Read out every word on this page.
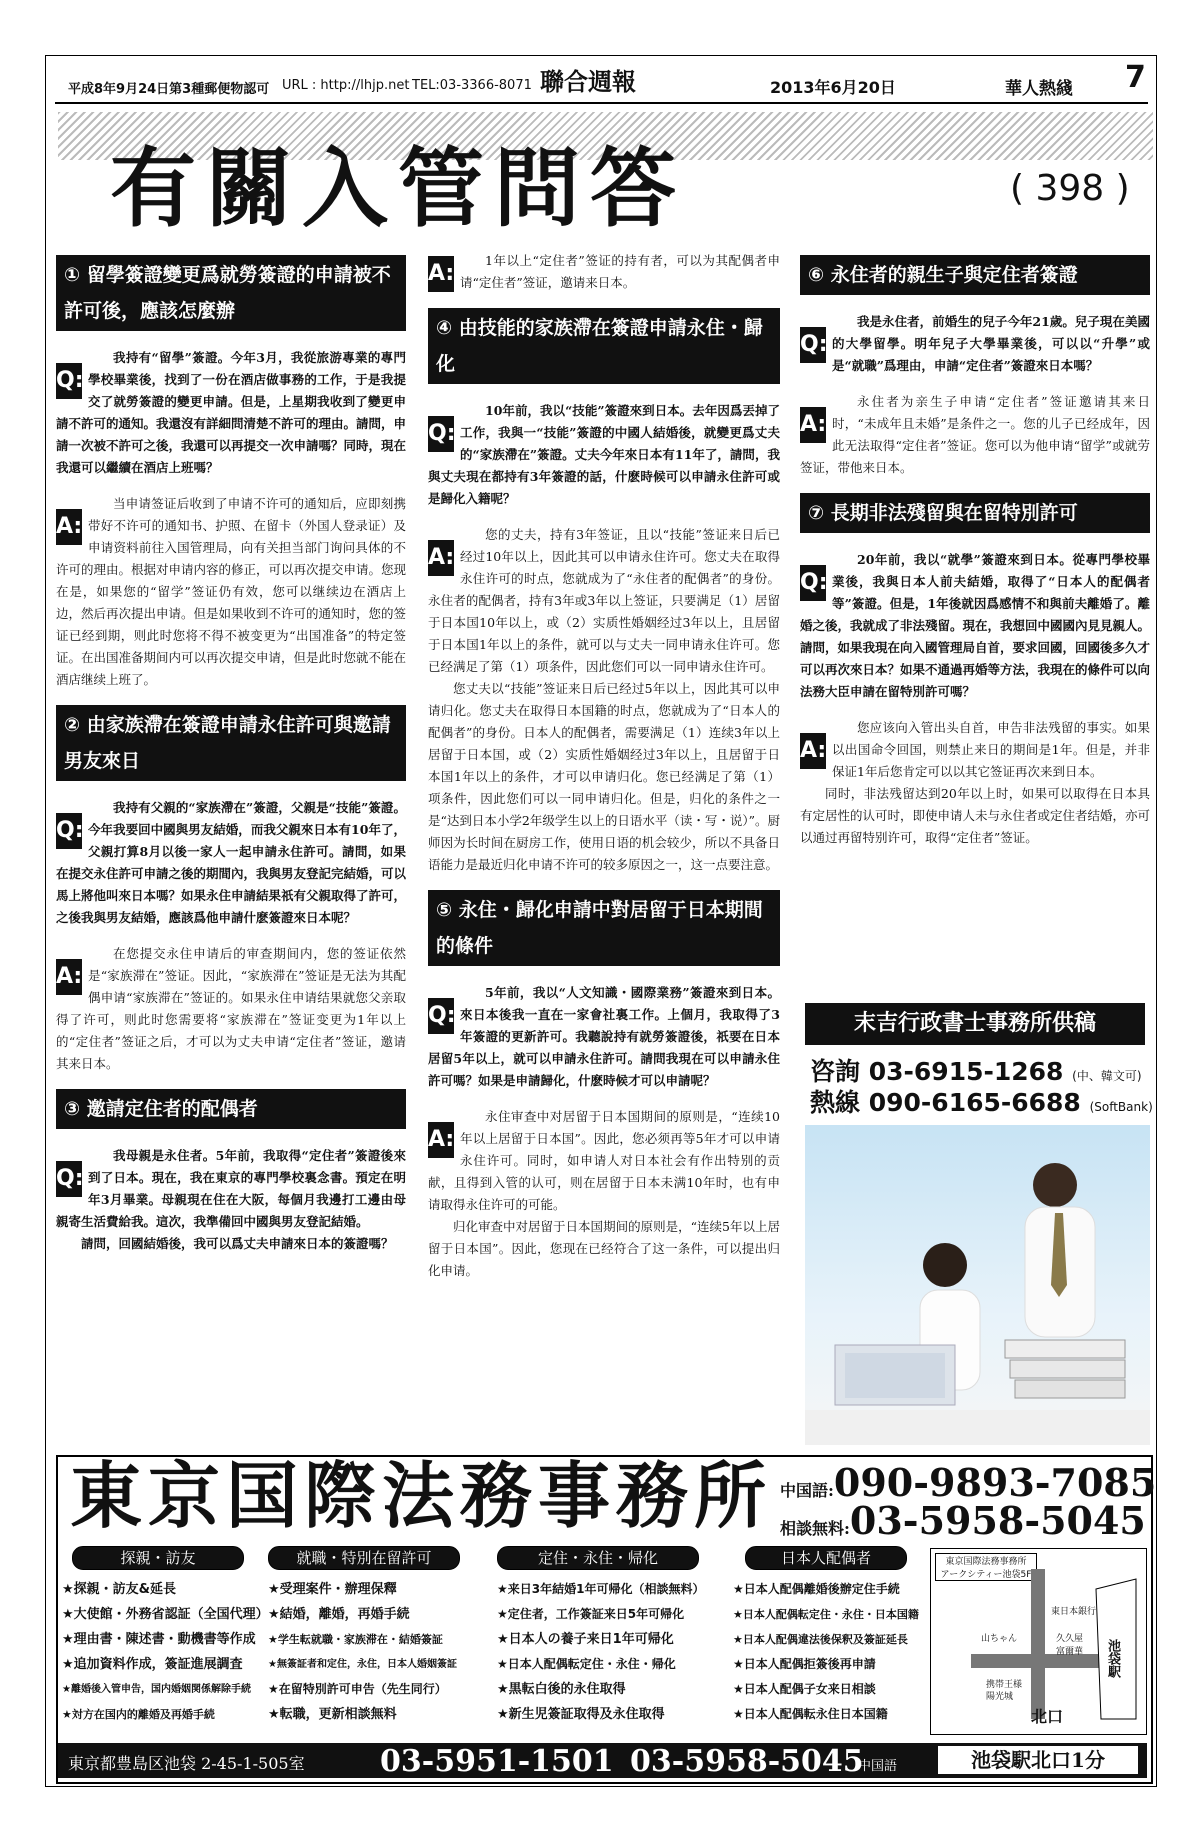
平成8年9月24日第3種郵便物認可 URL : http://lhjp.net TEL:03-3366-8071 聯合週報	2013年6月20日	華人熱綫 7
有關入管問答	( 398 )
① 留學簽證變更爲就勞簽證的申請被不許可後，應該怎麼辦
Q:

我持有“留學”簽證。今年3月，我從旅游專業的專門學校畢業後，找到了一份在酒店做事務的工作，于是我提交了就勞簽證的變更申請。但是，上星期我收到了變更申請不許可的通知。我還沒有詳細問清楚不許可的理由。請問，申請一次被不許可之後，我還可以再提交一次申請嗎？同時，現在我還可以繼續在酒店上班嗎？

A:

当申请签证后收到了申请不许可的通知后，应即刻携带好不许可的通知书、护照、在留卡（外国人登录证）及申请资料前往入国管理局，向有关担当部门询问具体的不许可的理由。根据对申请内容的修正，可以再次提交申请。您现在是，如果您的“留学”签证仍有效，您可以继续边在酒店上边，然后再次提出申请。但是如果收到不许可的通知时，您的签证已经到期，则此时您将不得不被变更为“出国准备”的特定签证。在出国准备期间内可以再次提交申请，但是此时您就不能在酒店继续上班了。

② 由家族滯在簽證申請永住許可與邀請男友來日
Q:

我持有父親的“家族滯在”簽證，父親是“技能”簽證。今年我要回中國與男友結婚，而我父親來日本有10年了，父親打算8月以後一家人一起申請永住許可。請問，如果在提交永住許可申請之後的期間內，我與男友登記完結婚，可以馬上將他叫來日本嗎？如果永住申請結果祇有父親取得了許可，之後我與男友結婚，應該爲他申請什麽簽證來日本呢？

A:

在您提交永住申请后的审查期间内，您的签证依然是“家族滞在”签证。因此，“家族滞在”签证是无法为其配偶申请“家族滞在”签证的。如果永住申请结果就您父亲取得了许可，则此时您需要将“家族滞在”签证变更为1年以上的“定住者”签证之后，才可以为丈夫申请“定住者”签证，邀请其来日本。

③ 邀請定住者的配偶者
Q:

我母親是永住者。5年前，我取得“定住者”簽證後來到了日本。現在，我在東京的專門學校裏念書。預定在明年3月畢業。母親現在住在大阪，每個月我邊打工邊由母親寄生活費給我。這次，我準備回中國與男友登記結婚。

請問，回國結婚後，我可以爲丈夫申請來日本的簽證嗎？

A:

1年以上“定住者”签证的持有者，可以为其配偶者申请“定住者”签证，邀请来日本。

④ 由技能的家族滯在簽證申請永住・歸化
Q:

10年前，我以“技能”簽證來到日本。去年因爲丟掉了工作，我與一“技能”簽證的中國人結婚後，就變更爲丈夫的“家族滯在”簽證。丈夫今年來日本有11年了，請問，我與丈夫現在都持有3年簽證的話，什麽時候可以申請永住許可或是歸化入籍呢？

A:

您的丈夫，持有3年签证，且以“技能”签证来日后已经过10年以上，因此其可以申请永住许可。您丈夫在取得永住许可的时点，您就成为了“永住者的配偶者”的身份。永住者的配偶者，持有3年或3年以上签证，只要满足（1）居留于日本国10年以上，或（2）实质性婚姻经过3年以上，且居留于日本国1年以上的条件，就可以与丈夫一同申请永住许可。您已经满足了第（1）项条件，因此您们可以一同申请永住许可。

您丈夫以“技能”签证来日后已经过5年以上，因此其可以申请归化。您丈夫在取得日本国籍的时点，您就成为了“日本人的配偶者”的身份。日本人的配偶者，需要满足（1）连续3年以上居留于日本国，或（2）实质性婚姻经过3年以上，且居留于日本国1年以上的条件，才可以申请归化。您已经满足了第（1）项条件，因此您们可以一同申请归化。但是，归化的条件之一是“达到日本小学2年级学生以上的日语水平（读・写・说）”。厨师因为长时间在厨房工作，使用日语的机会较少，所以不具备日语能力是最近归化申请不许可的较多原因之一，这一点要注意。

⑤ 永住・歸化申請中對居留于日本期間的條件
Q:

5年前，我以“人文知識・國際業務”簽證來到日本。來日本後我一直在一家會社裏工作。上個月，我取得了3年簽證的更新許可。我聽說持有就勞簽證後，祇要在日本居留5年以上，就可以申請永住許可。請問我現在可以申請永住許可嗎？如果是申請歸化，什麽時候才可以申請呢？

A:

永住审查中对居留于日本国期间的原则是，“连续10年以上居留于日本国”。因此，您必须再等5年才可以申请永住许可。同时，如申请人对日本社会有作出特别的贡献，且得到入管的认可，则在居留于日本未满10年时，也有申请取得永住许可的可能。

归化审查中对居留于日本国期间的原则是，“连续5年以上居留于日本国”。因此，您现在已经符合了这一条件，可以提出归化申请。

⑥ 永住者的親生子與定住者簽證
Q:

我是永住者，前婚生的兒子今年21歲。兒子現在美國的大學留學。明年兒子大學畢業後，可以以“升學”或是“就職”爲理由，申請“定住者”簽證來日本嗎？

A:

永住者为亲生子申请“定住者”签证邀请其来日时，“未成年且未婚”是条件之一。您的儿子已经成年，因此无法取得“定住者”签证。您可以为他申请“留学”或就劳签证，带他来日本。

⑦ 長期非法殘留與在留特別許可
Q:

20年前，我以“就學”簽證來到日本。從專門學校畢業後，我與日本人前夫結婚，取得了“日本人的配偶者等”簽證。但是，1年後就因爲感情不和與前夫離婚了。離婚之後，我就成了非法殘留。現在，我想回中國國內見見親人。請問，如果我現在向入國管理局自首，要求回國，回國後多久才可以再次來日本？如果不通過再婚等方法，我現在的條件可以向法務大臣申請在留特別許可嗎？

A:

您应该向入管出头自首，申告非法残留的事实。如果以出国命令回国，则禁止来日的期间是1年。但是，并非保证1年后您肯定可以以其它签证再次来到日本。

同时，非法残留达到20年以上时，如果可以取得在日本具有定居性的认可时，即使申请人未与永住者或定住者结婚，亦可以通过再留特别许可，取得“定住者”签证。

末吉行政書士事務所供稿
咨詢 03-6915-1268 (中、韓文可)
熱線 090-6165-6688 (SoftBank)
東京国際法務事務所 中国語:090-9893-7085
相談無料:03-5958-5045
探親・訪友	就職・特別在留許可	定住・永住・帰化	日本人配偶者
★探親・訪友&延長
★大使館・外務省認証（全国代理）
★理由書・陳述書・動機書等作成
★追加資料作成，簽証進展調査
★離婚後入管申告，国内婚姻関係解除手続
★対方在国内的離婚及再婚手続
★受理案件・辦理保釋
★結婚，離婚，再婚手続
★学生転就職・家族滞在・結婚簽証
★無簽証者和定住，永住，日本人婚姻簽証
★在留特別許可申告（先生同行）
★転職，更新相談無料
★来日3年結婚1年可帰化（相談無料）
★定住者，工作簽証来日5年可帰化
★日本人の養子来日1年可帰化
★日本人配偶転定住・永住・帰化
★黒転白後的永住取得
★新生児簽証取得及永住取得
★日本人配偶離婚後辦定住手続
★日本人配偶転定住・永住・日本国籍
★日本人配偶違法後保釈及簽証延長
★日本人配偶拒簽後再申請
★日本人配偶子女来日相談
★日本人配偶転永住日本国籍
東京国際法務事務所
アークシティー池袋5F
東日本銀行
山ちゃん	久久屋
富爾華
携帯王様
陽光城
北口
池袋駅
東京都豊島区池袋 2-45-1-505室	03-5951-1501 03-5958-5045
中国語	池袋駅北口1分
